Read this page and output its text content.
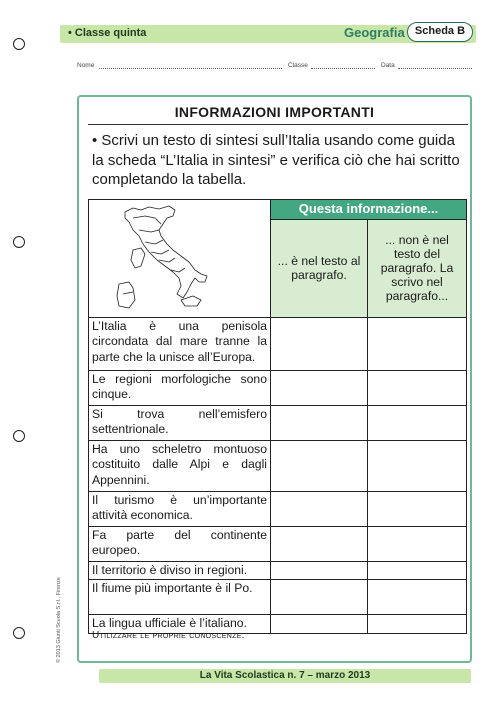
• Classe quinta	Geografia Scheda B
Nome	Classe	Data
INFORMAZIONI IMPORTANTI
• Scrivi un testo di sintesi sull’Italia usando come guida la scheda “L’Italia in sintesi” e verifica ciò che hai scritto completando la tabella.
	Questa informazione...	
	... è nel testo al paragrafo.	... non è nel testo del paragrafo. La scrivo nel paragrafo...
L’Italia è una penisola circondata dal mare tranne la parte che la unisce all’Europa.		
Le regioni morfologiche sono cinque.		
Si trova nell’emisfero settentrionale.		
Ha uno scheletro montuoso costituito dalle Alpi e dagli Appennini.		
Il turismo è un’importante attività economica.		
Fa parte del continente europeo.		
Il territorio è diviso in regioni.		
Il fiume più importante è il Po.		
La lingua ufficiale è l’italiano.		
Utilizzare le proprie conoscenze.
La Vita Scolastica n. 7 – marzo 2013
© 2013 Giunti Scuola S.r.l., Firenze
